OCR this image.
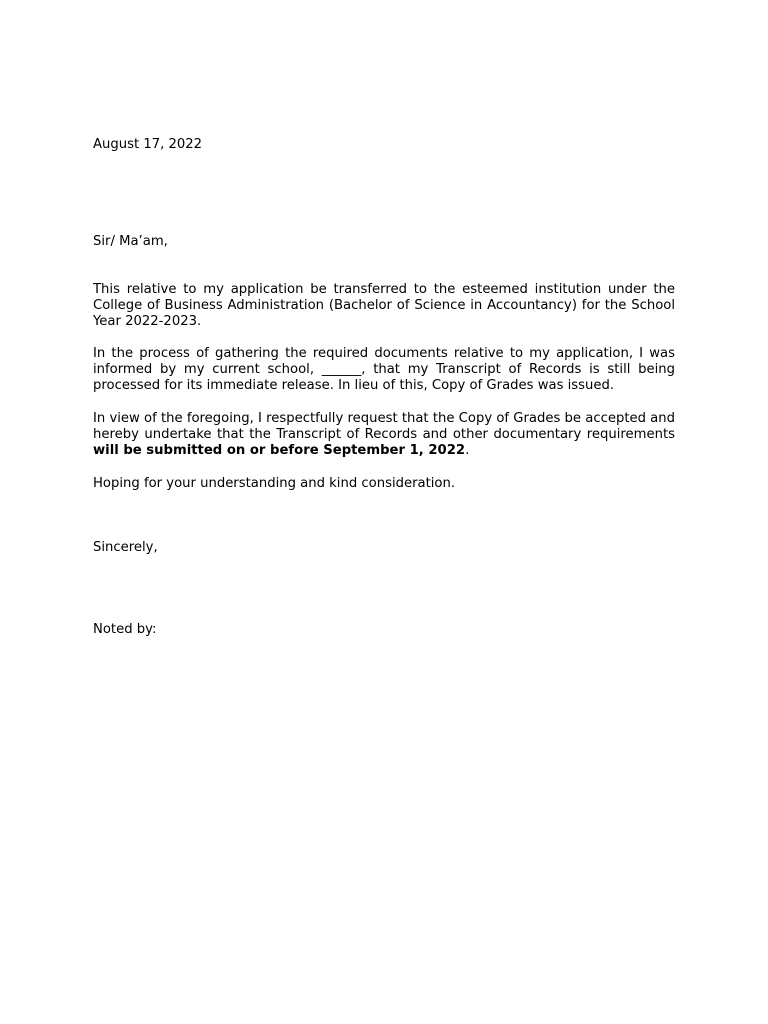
August 17, 2022

Sir/ Ma’am,

This relative to my application be transferred to the esteemed institution under the College of Business Administration (Bachelor of Science in Accountancy) for the School Year 2022-2023.

In the process of gathering the required documents relative to my application, I was informed by my current school, ______, that my Transcript of Records is still being processed for its immediate release. In lieu of this, Copy of Grades was issued.

In view of the foregoing, I respectfully request that the Copy of Grades be accepted and hereby undertake that the Transcript of Records and other documentary requirements will be submitted on or before September 1, 2022.

Hoping for your understanding and kind consideration.

Sincerely,

Noted by:
